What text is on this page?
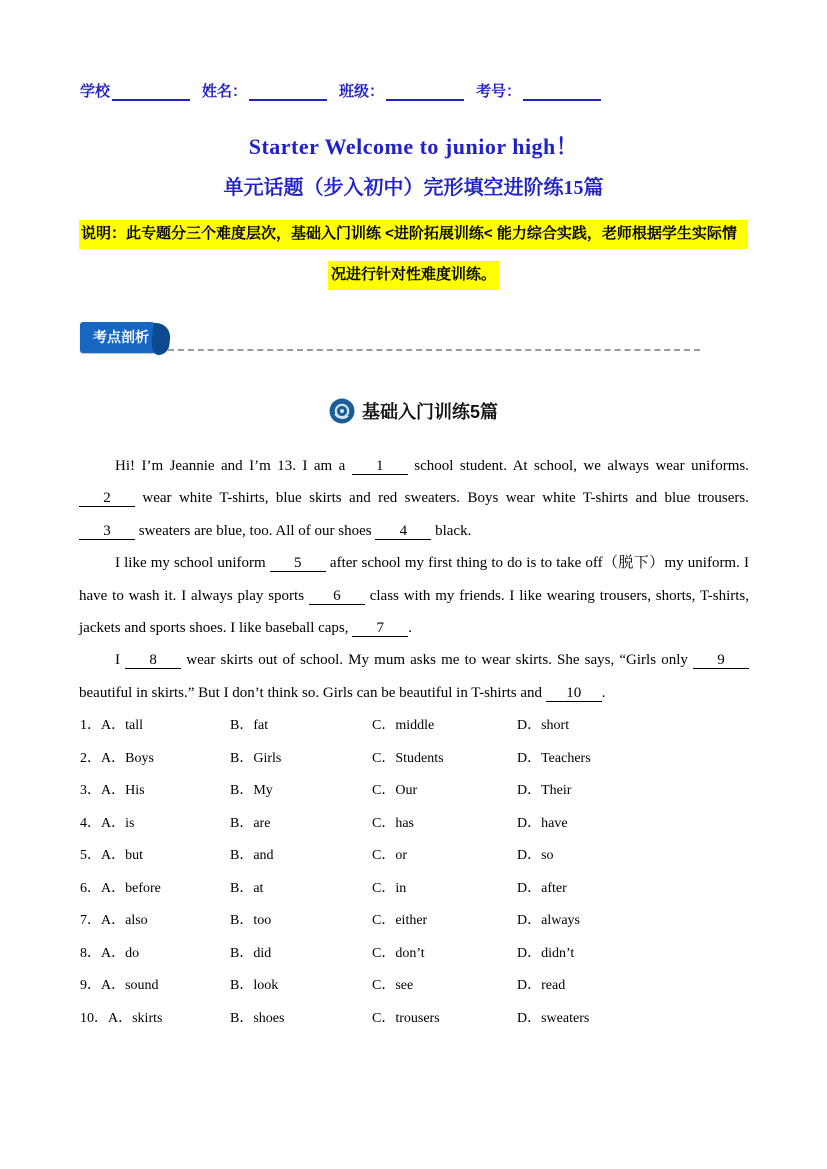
学校	姓名：	班级：	考号：
Starter Welcome to junior high！
单元话题（步入初中）完形填空进阶练15篇
说明：此专题分三个难度层次，基础入门训练 <进阶拓展训练< 能力综合实践，老师根据学生实际情
况进行针对性难度训练。
考点剖析
基础入门训练5篇

Hi! I’m Jeannie and I’m 13. I am a 1 school student. At school, we always wear uniforms. 2 wear white T-shirts, blue skirts and red sweaters. Boys wear white T-shirts and blue trousers. 3 sweaters are blue, too. All of our shoes 4 black.

I like my school uniform 5 after school my first thing to do is to take off（脱下）my uniform. I have to wash it. I always play sports 6 class with my friends. I like wearing trousers, shorts, T-shirts, jackets and sports shoes. I like baseball caps, 7 .

I 8 wear skirts out of school. My mum asks me to wear skirts. She says, “Girls only 9 beautiful in skirts.” But I don’t think so. Girls can be beautiful in T-shirts and 10 .

1．A．tall	B．fat	C．middle	D．short
2．A．Boys	B．Girls	C．Students	D．Teachers
3．A．His	B．My	C．Our	D．Their
4．A．is	B．are	C．has	D．have
5．A．but	B．and	C．or	D．so
6．A．before	B．at	C．in	D．after
7．A．also	B．too	C．either	D．always
8．A．do	B．did	C．don’t	D．didn’t
9．A．sound	B．look	C．see	D．read
10．A．skirts	B．shoes	C．trousers	D．sweaters
